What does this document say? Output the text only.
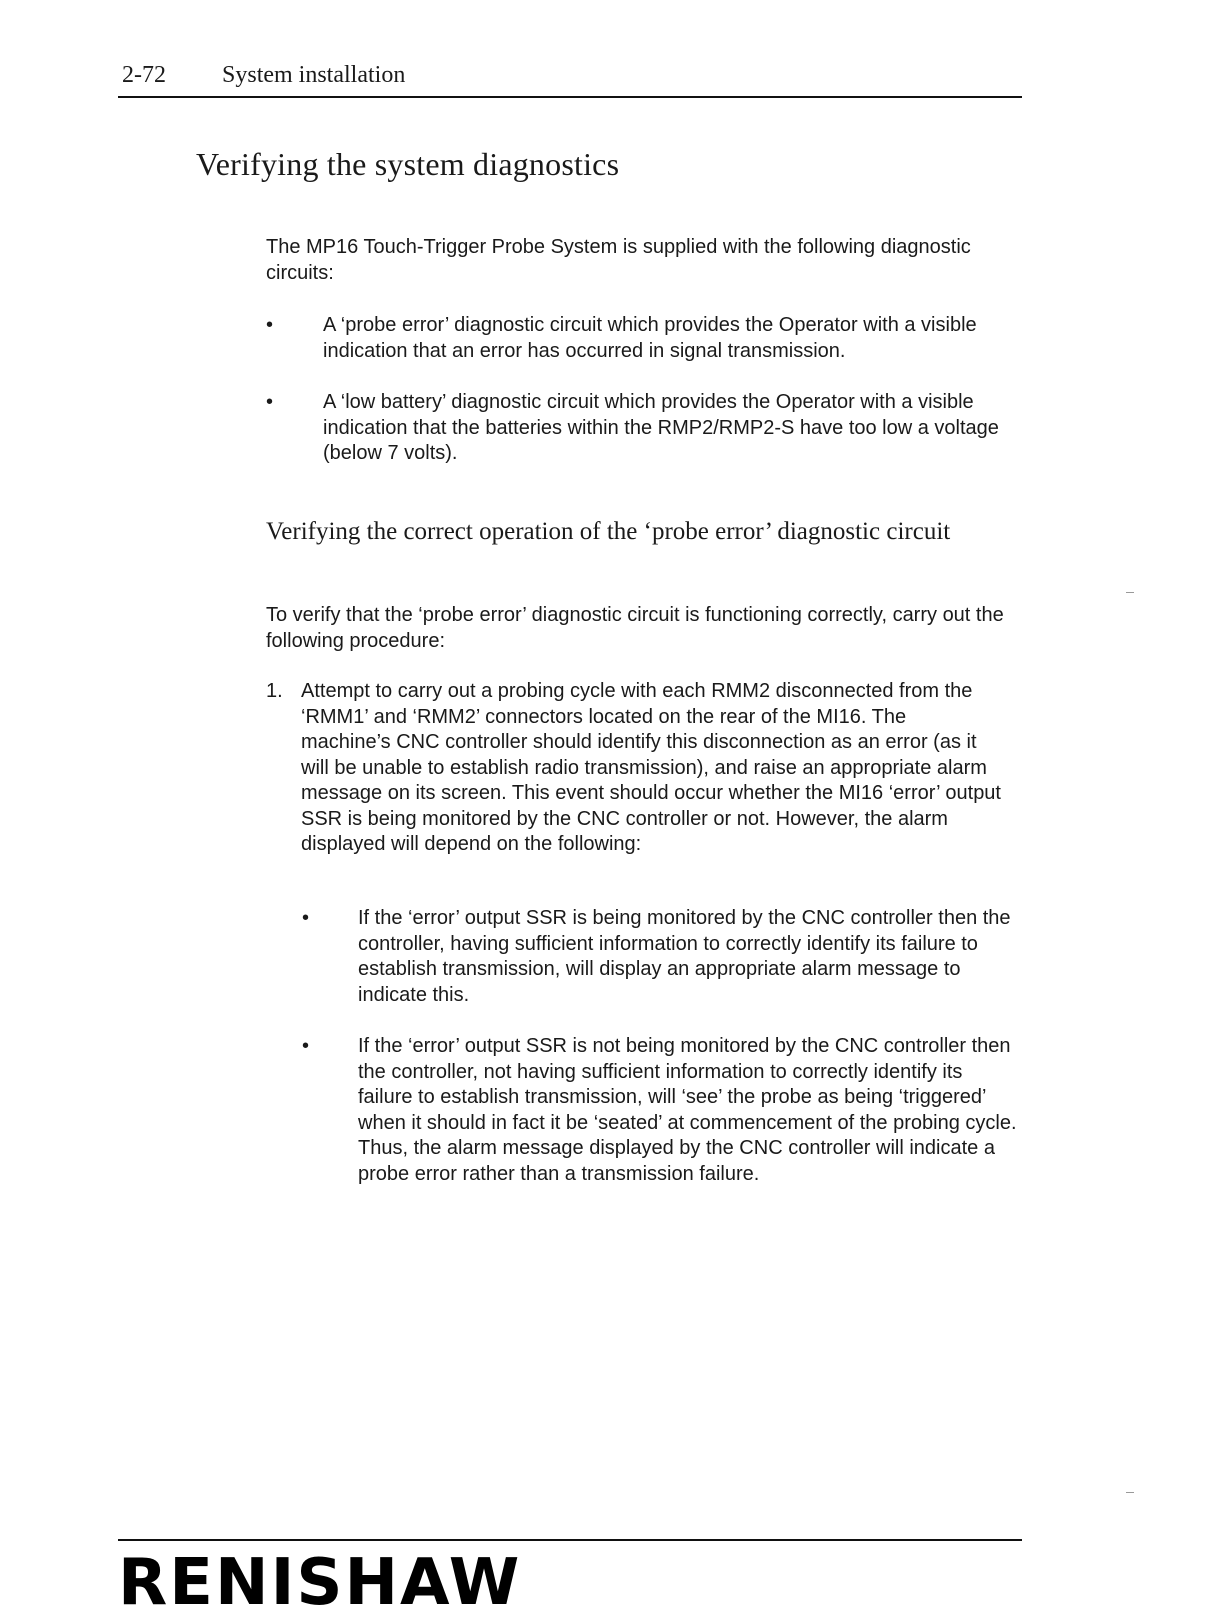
2-72 System installation
Verifying the system diagnostics

The MP16 Touch-Trigger Probe System is supplied with the following diagnostic circuits:

• A ‘probe error’ diagnostic circuit which provides the Operator with a visible indication that an error has occurred in signal transmission.

• A ‘low battery’ diagnostic circuit which provides the Operator with a visible indication that the batteries within the RMP2/RMP2-S have too low a voltage (below 7 volts).

Verifying the correct operation of the ‘probe error’ diagnostic circuit

To verify that the ‘probe error’ diagnostic circuit is functioning correctly, carry out the following procedure:

1. Attempt to carry out a probing cycle with each RMM2 disconnected from the ‘RMM1’ and ‘RMM2’ connectors located on the rear of the MI16. The machine’s CNC controller should identify this disconnection as an error (as it will be unable to establish radio transmission), and raise an appropriate alarm message on its screen. This event should occur whether the MI16 ‘error’ output SSR is being monitored by the CNC controller or not. However, the alarm displayed will depend on the following:

• If the ‘error’ output SSR is being monitored by the CNC controller then the controller, having sufficient information to correctly identify its failure to establish transmission, will display an appropriate alarm message to indicate this.

• If the ‘error’ output SSR is not being monitored by the CNC controller then the controller, not having sufficient information to correctly identify its failure to establish transmission, will ‘see’ the probe as being ‘triggered’ when it should in fact it be ‘seated’ at commencement of the probing cycle. Thus, the alarm message displayed by the CNC controller will indicate a probe error rather than a transmission failure.

RENISHAW
